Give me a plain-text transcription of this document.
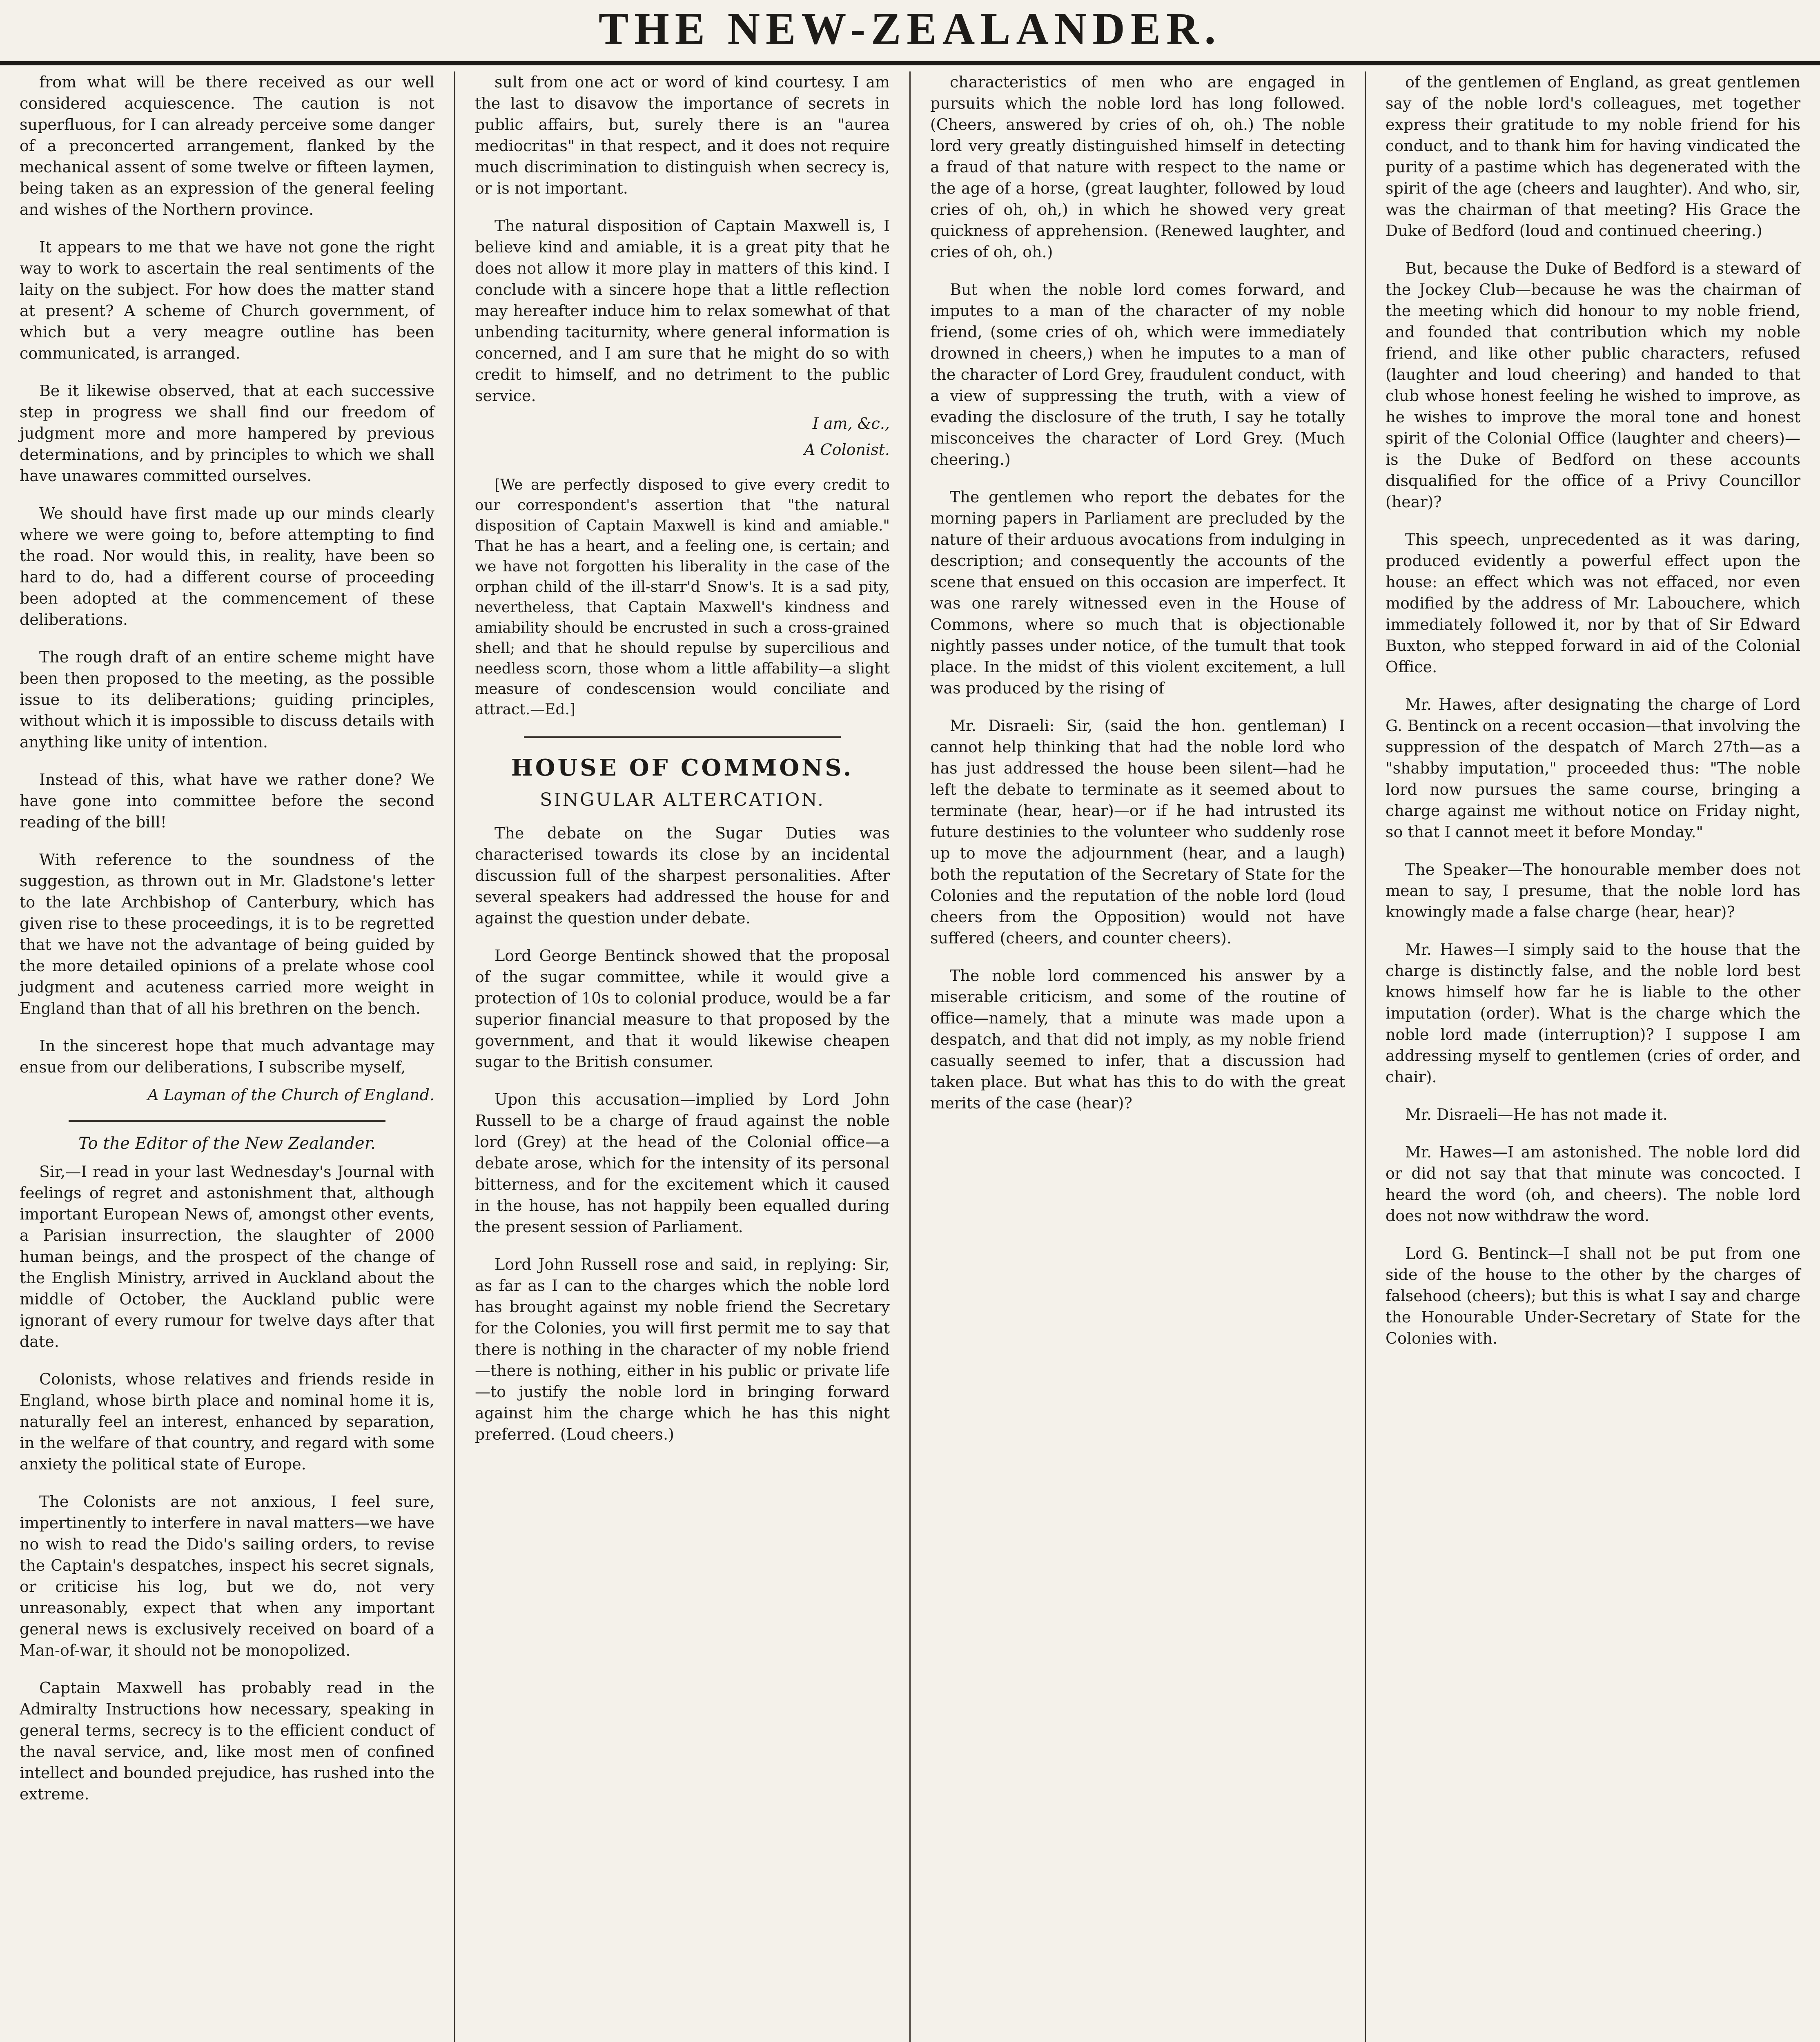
THE NEW-ZEALANDER.

from what will be there received as our well considered acquiescence. The caution is not superfluous, for I can already perceive some danger of a preconcerted arrangement, flanked by the mechanical assent of some twelve or fifteen laymen, being taken as an expression of the general feeling and wishes of the Northern province.

It appears to me that we have not gone the right way to work to ascertain the real sentiments of the laity on the subject. For how does the matter stand at present? A scheme of Church government, of which but a very meagre outline has been communicated, is arranged.

Be it likewise observed, that at each successive step in progress we shall find our freedom of judgment more and more hampered by previous determinations, and by principles to which we shall have unawares committed ourselves.

We should have first made up our minds clearly where we were going to, before attempting to find the road. Nor would this, in reality, have been so hard to do, had a different course of proceeding been adopted at the commencement of these deliberations.

The rough draft of an entire scheme might have been then proposed to the meeting, as the possible issue to its deliberations; guiding principles, without which it is impossible to discuss details with anything like unity of intention.

Instead of this, what have we rather done? We have gone into committee before the second reading of the bill!

With reference to the soundness of the suggestion, as thrown out in Mr. Gladstone's letter to the late Archbishop of Canterbury, which has given rise to these proceedings, it is to be regretted that we have not the advantage of being guided by the more detailed opinions of a prelate whose cool judgment and acuteness carried more weight in England than that of all his brethren on the bench.

In the sincerest hope that much advantage may ensue from our deliberations, I subscribe myself,

A Layman of the Church of England.
To the Editor of the New Zealander.

Sir,—I read in your last Wednesday's Journal with feelings of regret and astonishment that, although important European News of, amongst other events, a Parisian insurrection, the slaughter of 2000 human beings, and the prospect of the change of the English Ministry, arrived in Auckland about the middle of October, the Auckland public were ignorant of every rumour for twelve days after that date.

Colonists, whose relatives and friends reside in England, whose birth place and nominal home it is, naturally feel an interest, enhanced by separation, in the welfare of that country, and regard with some anxiety the political state of Europe.

The Colonists are not anxious, I feel sure, impertinently to interfere in naval matters—we have no wish to read the Dido's sailing orders, to revise the Captain's despatches, inspect his secret signals, or criticise his log, but we do, not very unreasonably, expect that when any important general news is exclusively received on board of a Man-of-war, it should not be monopolized.

Captain Maxwell has probably read in the Admiralty Instructions how necessary, speaking in general terms, secrecy is to the efficient conduct of the naval service, and, like most men of confined intellect and bounded prejudice, has rushed into the extreme.

sult from one act or word of kind courtesy. I am the last to disavow the importance of secrets in public affairs, but, surely there is an "aurea mediocritas" in that respect, and it does not require much discrimination to distinguish when secrecy is, or is not important.

The natural disposition of Captain Maxwell is, I believe kind and amiable, it is a great pity that he does not allow it more play in matters of this kind. I conclude with a sincere hope that a little reflection may hereafter induce him to relax somewhat of that unbending taciturnity, where general information is concerned, and I am sure that he might do so with credit to himself, and no detriment to the public service.

I am, &c.,
A Colonist.

[We are perfectly disposed to give every credit to our correspondent's assertion that "the natural disposition of Captain Maxwell is kind and amiable." That he has a heart, and a feeling one, is certain; and we have not forgotten his liberality in the case of the orphan child of the ill-starr'd Snow's. It is a sad pity, nevertheless, that Captain Maxwell's kindness and amiability should be encrusted in such a cross-grained shell; and that he should repulse by supercilious and needless scorn, those whom a little affability—a slight measure of condescension would conciliate and attract.—Ed.]

HOUSE OF COMMONS.
SINGULAR ALTERCATION.

The debate on the Sugar Duties was characterised towards its close by an incidental discussion full of the sharpest personalities. After several speakers had addressed the house for and against the question under debate.

Lord George Bentinck showed that the proposal of the sugar committee, while it would give a protection of 10s to colonial produce, would be a far superior financial measure to that proposed by the government, and that it would likewise cheapen sugar to the British consumer.

Upon this accusation—implied by Lord John Russell to be a charge of fraud against the noble lord (Grey) at the head of the Colonial office—a debate arose, which for the intensity of its personal bitterness, and for the excitement which it caused in the house, has not happily been equalled during the present session of Parliament.

Lord John Russell rose and said, in replying: Sir, as far as I can to the charges which the noble lord has brought against my noble friend the Secretary for the Colonies, you will first permit me to say that there is nothing in the character of my noble friend—there is nothing, either in his public or private life—to justify the noble lord in bringing forward against him the charge which he has this night preferred. (Loud cheers.)

characteristics of men who are engaged in pursuits which the noble lord has long followed. (Cheers, answered by cries of oh, oh.) The noble lord very greatly distinguished himself in detecting a fraud of that nature with respect to the name or the age of a horse, (great laughter, followed by loud cries of oh, oh,) in which he showed very great quickness of apprehension. (Renewed laughter, and cries of oh, oh.)

But when the noble lord comes forward, and imputes to a man of the character of my noble friend, (some cries of oh, which were immediately drowned in cheers,) when he imputes to a man of the character of Lord Grey, fraudulent conduct, with a view of suppressing the truth, with a view of evading the disclosure of the truth, I say he totally misconceives the character of Lord Grey. (Much cheering.)

The gentlemen who report the debates for the morning papers in Parliament are precluded by the nature of their arduous avocations from indulging in description; and consequently the accounts of the scene that ensued on this occasion are imperfect. It was one rarely witnessed even in the House of Commons, where so much that is objectionable nightly passes under notice, of the tumult that took place. In the midst of this violent excitement, a lull was produced by the rising of

Mr. Disraeli: Sir, (said the hon. gentleman) I cannot help thinking that had the noble lord who has just addressed the house been silent—had he left the debate to terminate as it seemed about to terminate (hear, hear)—or if he had intrusted its future destinies to the volunteer who suddenly rose up to move the adjournment (hear, and a laugh) both the reputation of the Secretary of State for the Colonies and the reputation of the noble lord (loud cheers from the Opposition) would not have suffered (cheers, and counter cheers).

The noble lord commenced his answer by a miserable criticism, and some of the routine of office—namely, that a minute was made upon a despatch, and that did not imply, as my noble friend casually seemed to infer, that a discussion had taken place. But what has this to do with the great merits of the case (hear)?

of the gentlemen of England, as great gentlemen say of the noble lord's colleagues, met together express their gratitude to my noble friend for his conduct, and to thank him for having vindicated the purity of a pastime which has degenerated with the spirit of the age (cheers and laughter). And who, sir, was the chairman of that meeting? His Grace the Duke of Bedford (loud and continued cheering.)

But, because the Duke of Bedford is a steward of the Jockey Club—because he was the chairman of the meeting which did honour to my noble friend, and founded that contribution which my noble friend, and like other public characters, refused (laughter and loud cheering) and handed to that club whose honest feeling he wished to improve, as he wishes to improve the moral tone and honest spirit of the Colonial Office (laughter and cheers)—is the Duke of Bedford on these accounts disqualified for the office of a Privy Councillor (hear)?

This speech, unprecedented as it was daring, produced evidently a powerful effect upon the house: an effect which was not effaced, nor even modified by the address of Mr. Labouchere, which immediately followed it, nor by that of Sir Edward Buxton, who stepped forward in aid of the Colonial Office.

Mr. Hawes, after designating the charge of Lord G. Bentinck on a recent occasion—that involving the suppression of the despatch of March 27th—as a "shabby imputation," proceeded thus: "The noble lord now pursues the same course, bringing a charge against me without notice on Friday night, so that I cannot meet it before Monday."

The Speaker—The honourable member does not mean to say, I presume, that the noble lord has knowingly made a false charge (hear, hear)?

Mr. Hawes—I simply said to the house that the charge is distinctly false, and the noble lord best knows himself how far he is liable to the other imputation (order). What is the charge which the noble lord made (interruption)? I suppose I am addressing myself to gentlemen (cries of order, and chair).

Mr. Disraeli—He has not made it.

Mr. Hawes—I am astonished. The noble lord did or did not say that that minute was concocted. I heard the word (oh, and cheers). The noble lord does not now withdraw the word.

Lord G. Bentinck—I shall not be put from one side of the house to the other by the charges of falsehood (cheers); but this is what I say and charge the Honourable Under-Secretary of State for the Colonies with.
